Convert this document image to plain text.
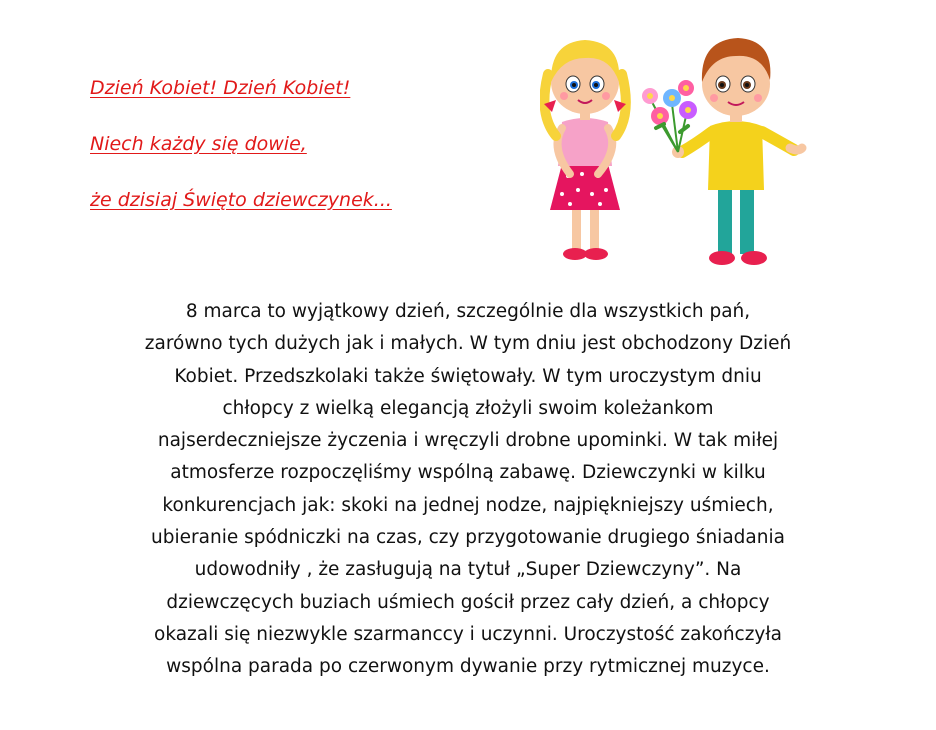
Dzień Kobiet! Dzień Kobiet!
Niech każdy się dowie,
że dzisiaj Święto dziewczynek...

8 marca to wyjątkowy dzień, szczególnie dla wszystkich pań,
zarówno tych dużych jak i małych. W tym dniu jest obchodzony Dzień
Kobiet. Przedszkolaki także świętowały. W tym uroczystym dniu
chłopcy z wielką elegancją złożyli swoim koleżankom
najserdeczniejsze życzenia i wręczyli drobne upominki. W tak miłej
atmosferze rozpoczęliśmy wspólną zabawę. Dziewczynki w kilku
konkurencjach jak: skoki na jednej nodze, najpiękniejszy uśmiech,
ubieranie spódniczki na czas, czy przygotowanie drugiego śniadania
udowodniły , że zasługują na tytuł „Super Dziewczyny”. Na
dziewczęcych buziach uśmiech gościł przez cały dzień, a chłopcy
okazali się niezwykle szarmanccy i uczynni. Uroczystość zakończyła
wspólna parada po czerwonym dywanie przy rytmicznej muzyce.
